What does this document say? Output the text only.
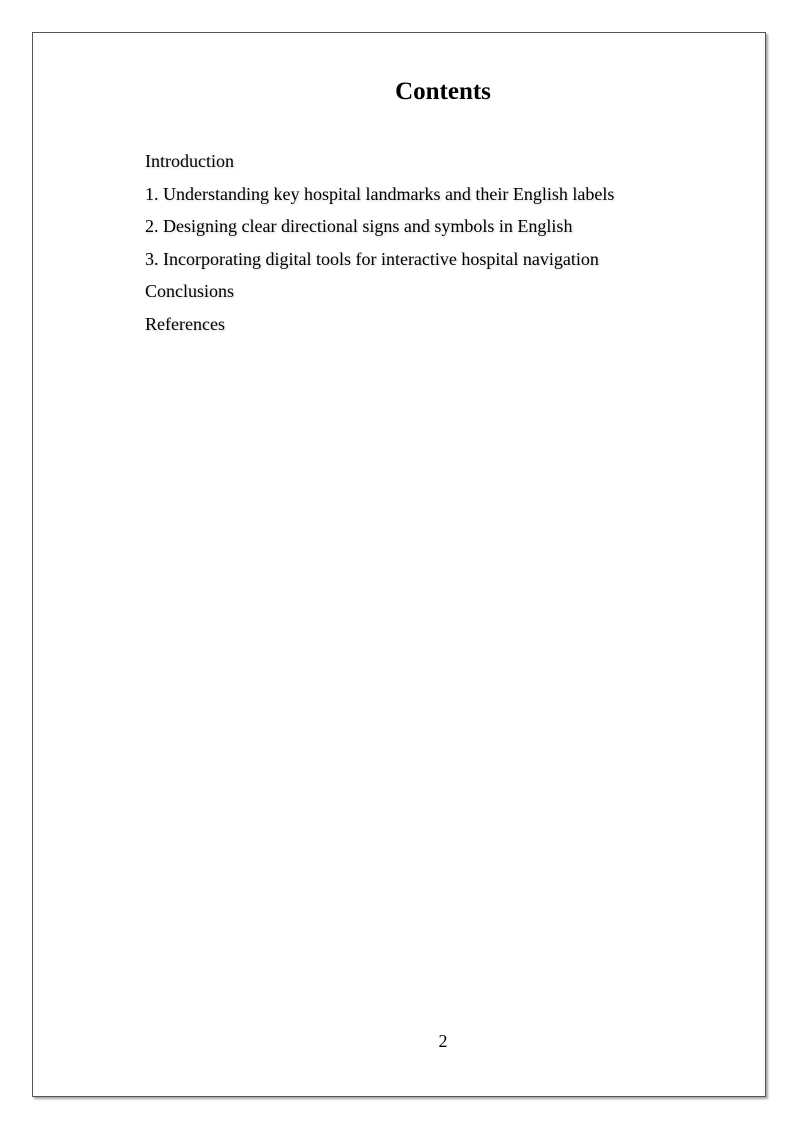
Contents
Introduction
1. Understanding key hospital landmarks and their English labels
2. Designing clear directional signs and symbols in English
3. Incorporating digital tools for interactive hospital navigation
Conclusions
References
2
